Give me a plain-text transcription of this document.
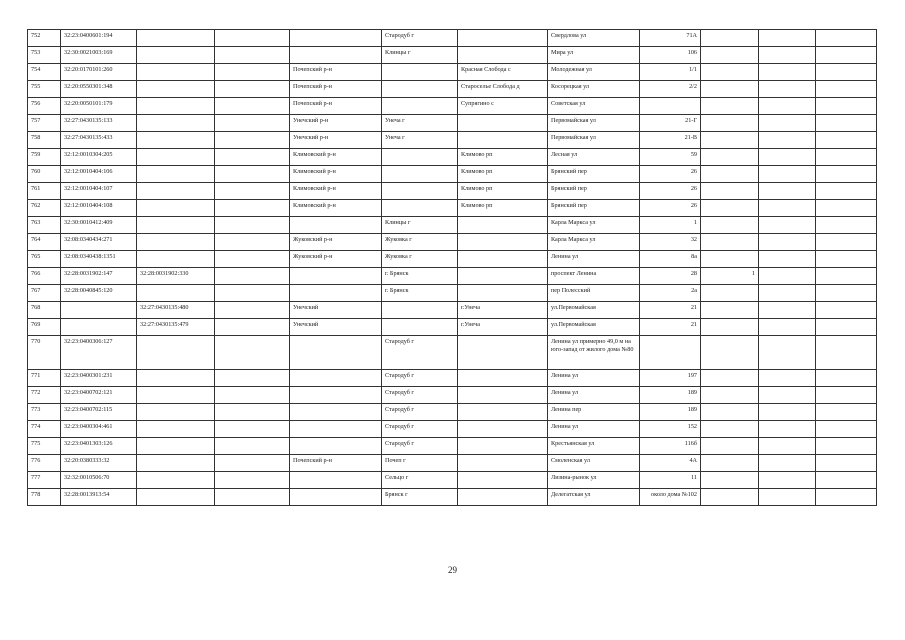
752	32:23:0400601:194				Стародуб г		Свердлова ул	71А			
753	32:30:0021003:169				Клинцы г		Мира ул	106			
754	32:20:0170101:260			Почепский р-н		Красная Слобода с	Молодежная ул	1/1			
755	32:20:0550301:348			Почепский р-н		Староселье Слобода д	Косорецкая ул	2/2			
756	32:20:0050101:179			Почепский р-н		Супрягино с	Советская ул				
757	32:27:0430135:133			Унечский р-н	Унеча г		Первомайская ул	21-Г			
758	32:27:0430135:433			Унечский р-н	Унеча г		Первомайская ул	21-В			
759	32:12:0010304:205			Климовский р-н		Климово рп	Лесная ул	59			
760	32:12:0010404:106			Климовский р-н		Климово рп	Брянский пер	26			
761	32:12:0010404:107			Климовский р-н		Климово рп	Брянский пер	26			
762	32:12:0010404:108			Климовский р-н		Климово рп	Брянский пер	26			
763	32:30:0010412:409				Клинцы г		Карла Маркса ул	1			
764	32:08:0340434:271			Жуковский р-н	Жуковка г		Карла Маркса ул	32			
765	32:08:0340438:1351			Жуковский р-н	Жуковка г		Ленина ул	8а			
766	32:28:0031902:147	32:28:0031902:330			г. Брянск		проспект Ленина	28	1		
767	32:28:0040845:120				г. Брянск		пер Полесский	2а			
768		32:27:0430135:480		Унечский		г.Унеча	ул.Первомайская	21			
769		32:27:0430135:479		Унечский		г.Унеча	ул.Первомайская	21			
770	32:23:0400306:127				Стародуб г		Ленина ул примерно 49,0 м на юго-запад от жилого дома №80				
771	32:23:0400301:231				Стародуб г		Ленина ул	197			
772	32:23:0400702:121				Стародуб г		Ленина ул	189			
773	32:23:0400702:115				Стародуб г		Ленина пер	189			
774	32:23:0400304:461				Стародуб г		Ленина ул	152			
775	32:23:0401303:126				Стародуб г		Крестьянская ул	116б			
776	32:20:0380333:32			Почепский р-н	Почеп г		Смоленская ул	4А			
777	32:32:0010506:70				Сельцо г		Лизина-рынок ул	11			
778	32:28:0013913:54				Брянск г		Делегатская ул	около дома №102			
29
